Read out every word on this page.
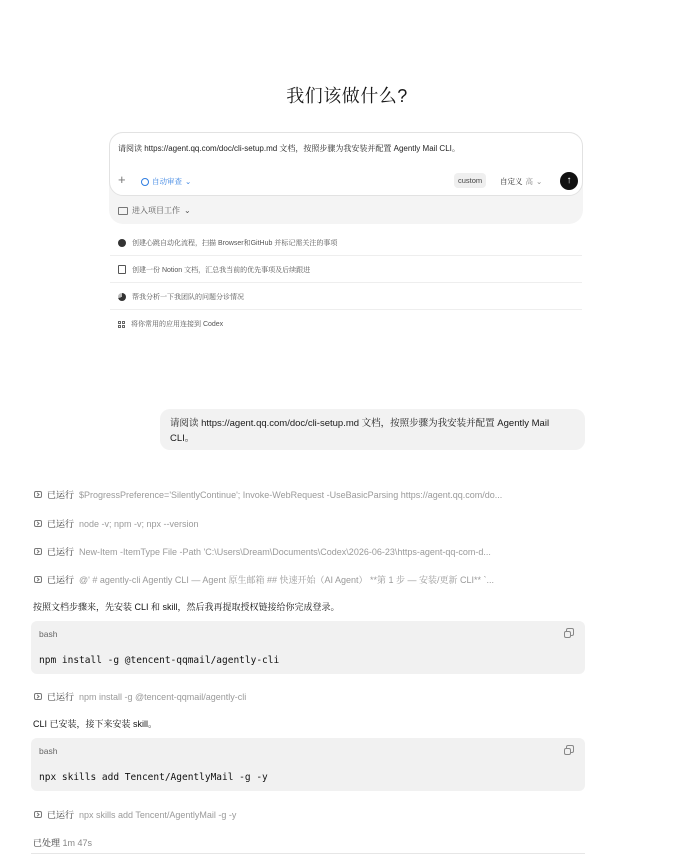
我们该做什么?
请阅读 https://agent.qq.com/doc/cli-setup.md 文档，按照步骤为我安装并配置 Agently Mail CLI。
+	自动审查 ⌄	custom	自定义 高 ⌄	↑
进入项目工作 ⌄
创建心跳自动化流程，扫描 Browser和GitHub 并标记需关注的事项
创建一份 Notion 文档，汇总我当前的优先事项及后续跟进
帮我分析一下我团队的问题分诊情况
将你常用的应用连接到 Codex
请阅读 https://agent.qq.com/doc/cli-setup.md 文档，按照步骤为我安装并配置 Agently Mail CLI。
已运行 $ProgressPreference='SilentlyContinue'; Invoke-WebRequest -UseBasicParsing https://agent.qq.com/do...
已运行 node -v; npm -v; npx --version
已运行 New-Item -ItemType File -Path 'C:\Users\Dream\Documents\Codex\2026-06-23\https-agent-qq-com-d...
已运行 @' # agently-cli Agently CLI — Agent 原生邮箱 ## 快速开始（AI Agent） **第 1 步 — 安装/更新 CLI** `...
按照文档步骤来，先安装 CLI 和 skill，然后我再提取授权链接给你完成登录。
bash
npm install -g @tencent-qqmail/agently-cli
已运行 npm install -g @tencent-qqmail/agently-cli
CLI 已安装，接下来安装 skill。
bash
npx skills add Tencent/AgentlyMail -g -y
已运行 npx skills add Tencent/AgentlyMail -g -y
已处理 1m 47s
